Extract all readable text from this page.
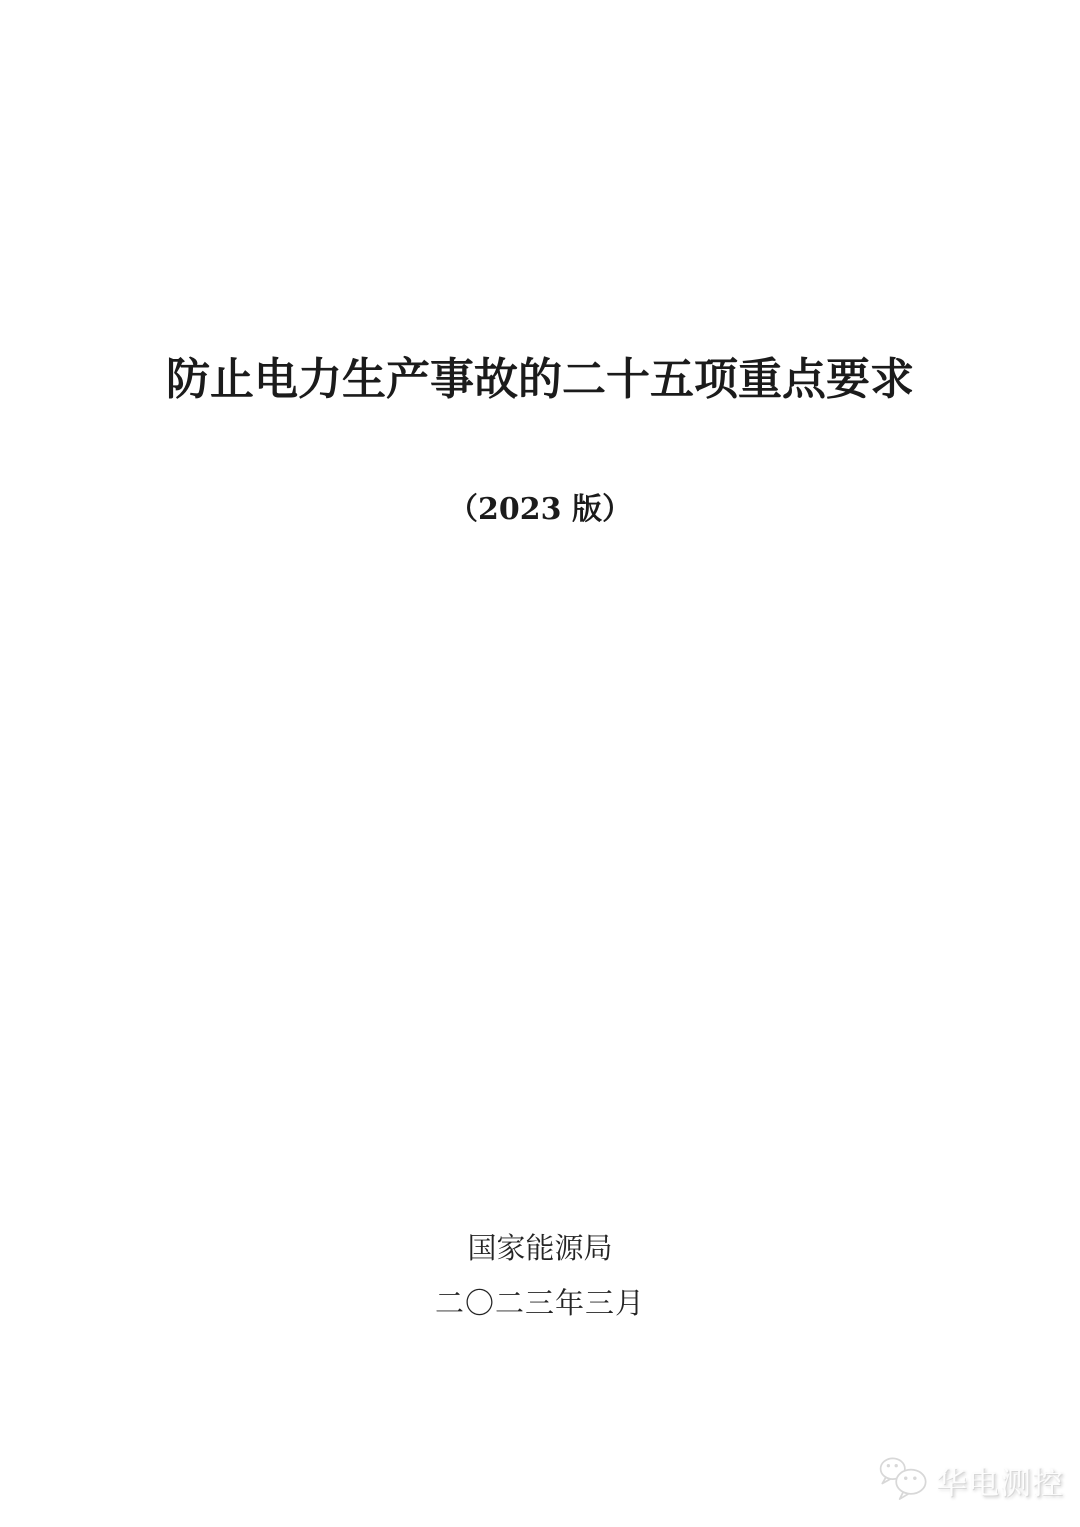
防止电力生产事故的二十五项重点要求
（2023 版）
国家能源局
二〇二三年三月
华电测控
